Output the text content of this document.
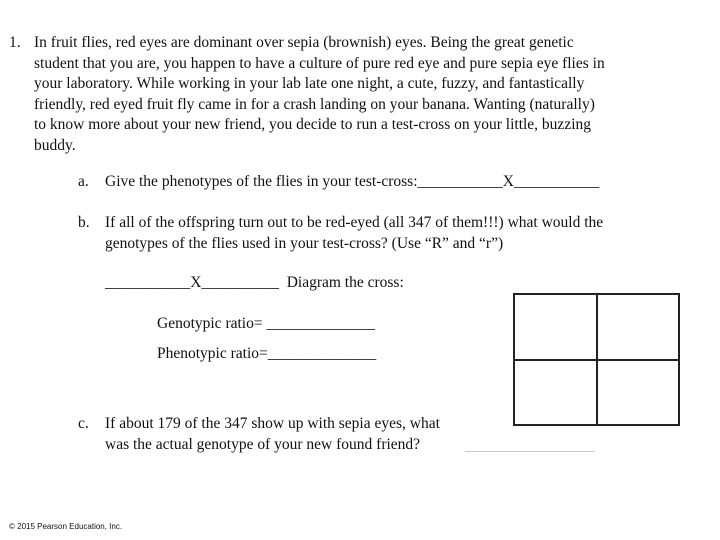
1. In fruit flies, red eyes are dominant over sepia (brownish) eyes. Being the great genetic
student that you are, you happen to have a culture of pure red eye and pure sepia eye flies in
your laboratory. While working in your lab late one night, a cute, fuzzy, and fantastically
friendly, red eyed fruit fly came in for a crash landing on your banana. Wanting (naturally)
to know more about your new friend, you decide to run a test-cross on your little, buzzing
buddy.
a. Give the phenotypes of the flies in your test-cross:___________X___________
b. If all of the offspring turn out to be red-eyed (all 347 of them!!!) what would the
genotypes of the flies used in your test-cross? (Use “R” and “r”)
___________X__________  Diagram the cross:
Genotypic ratio= ______________
Phenotypic ratio=______________
c. If about 179 of the 347 show up with sepia eyes, what
was the actual genotype of your new found friend?
© 2015 Pearson Education, Inc.
